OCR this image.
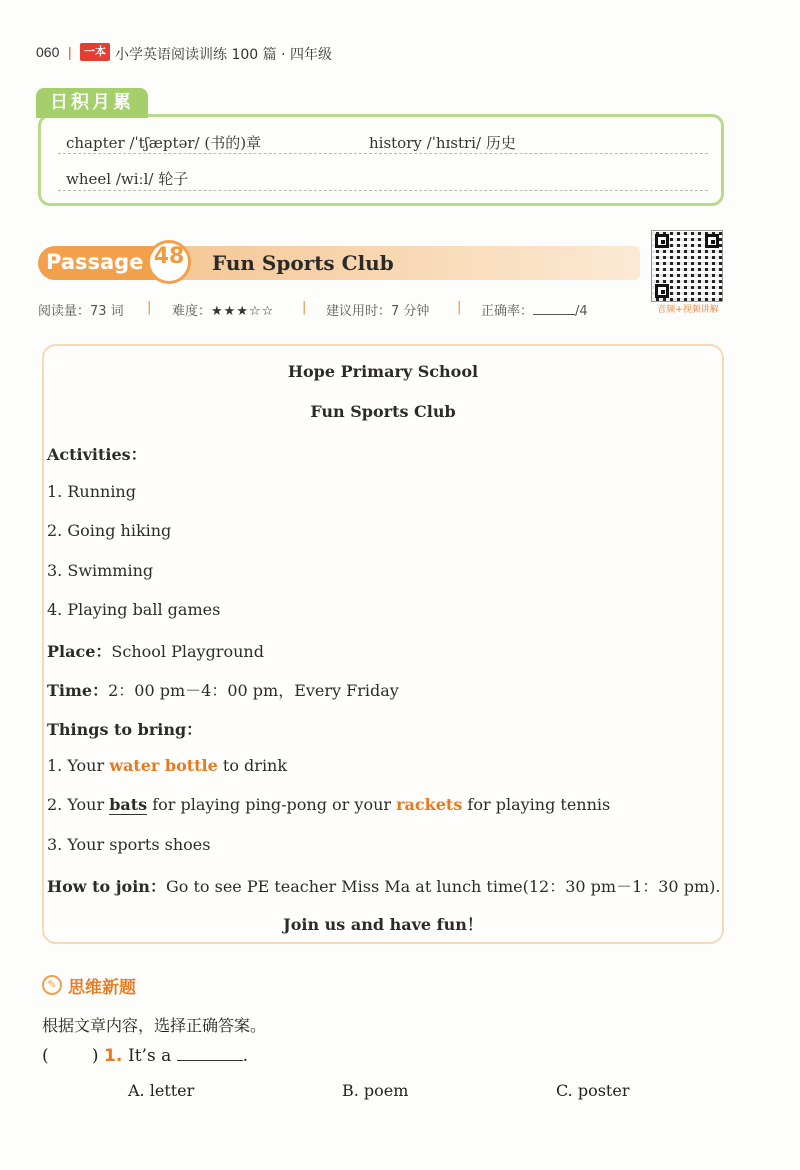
060 |	一本 小学英语阅读训练 100 篇 · 四年级
日积月累
chapter /ˈtʃæptər/ (书的)章	history /ˈhɪstri/ 历史
wheel /wiːl/ 轮子
Passage 48	Fun Sports Club
音频+视频讲解
阅读量：73 词 | 难度：★★★☆☆ | 建议用时：7 分钟 | 正确率：	/4
Hope Primary School
Fun Sports Club
Activities：
1. Running
2. Going hiking
3. Swimming
4. Playing ball games
Place：School Playground
Time：2：00 pm－4：00 pm，Every Friday
Things to bring：
1. Your water bottle to drink
2. Your bats for playing ping-pong or your rackets for playing tennis
3. Your sports shoes
How to join：Go to see PE teacher Miss Ma at lunch time(12：30 pm－1：30 pm).
Join us and have fun！
✎ 思维新题
根据文章内容，选择正确答案。
(        ) 1. It’s a	.
A. letter	B. poem	C. poster
